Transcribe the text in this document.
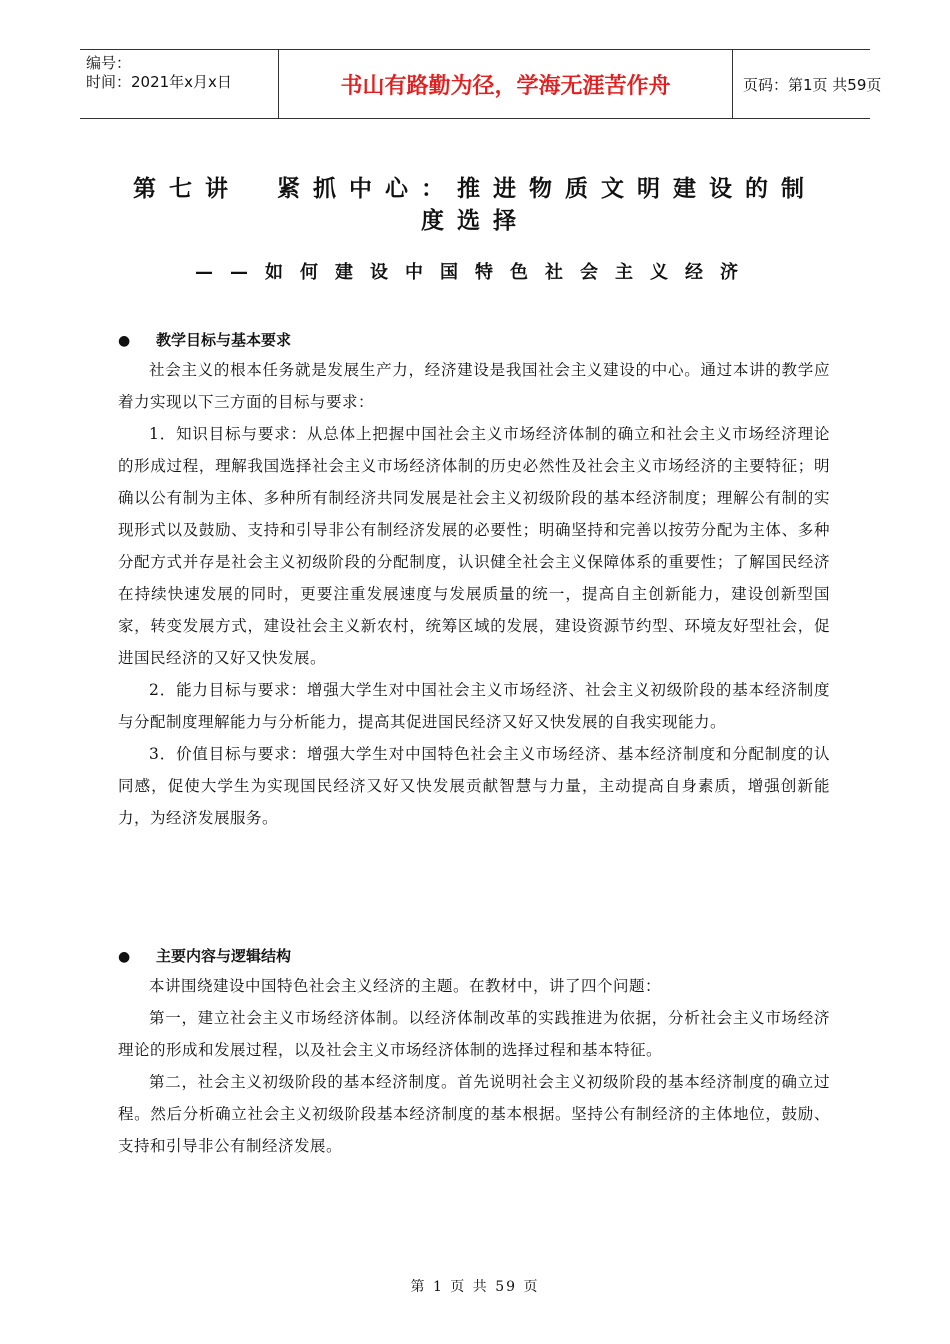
编号：
时间：2021年x月x日	书山有路勤为径，学海无涯苦作舟	页码：第1页 共59页
第七讲　紧抓中心：推进物质文明建设的制度选择
——如何建设中国特色社会主义经济
● 教学目标与基本要求

社会主义的根本任务就是发展生产力，经济建设是我国社会主义建设的中心。通过本讲的教学应着力实现以下三方面的目标与要求：

1．知识目标与要求：从总体上把握中国社会主义市场经济体制的确立和社会主义市场经济理论的形成过程，理解我国选择社会主义市场经济体制的历史必然性及社会主义市场经济的主要特征；明确以公有制为主体、多种所有制经济共同发展是社会主义初级阶段的基本经济制度；理解公有制的实现形式以及鼓励、支持和引导非公有制经济发展的必要性；明确坚持和完善以按劳分配为主体、多种分配方式并存是社会主义初级阶段的分配制度，认识健全社会主义保障体系的重要性；了解国民经济在持续快速发展的同时，更要注重发展速度与发展质量的统一，提高自主创新能力，建设创新型国家，转变发展方式，建设社会主义新农村，统筹区域的发展，建设资源节约型、环境友好型社会，促进国民经济的又好又快发展。

2．能力目标与要求：增强大学生对中国社会主义市场经济、社会主义初级阶段的基本经济制度与分配制度理解能力与分析能力，提高其促进国民经济又好又快发展的自我实现能力。

3．价值目标与要求：增强大学生对中国特色社会主义市场经济、基本经济制度和分配制度的认同感，促使大学生为实现国民经济又好又快发展贡献智慧与力量，主动提高自身素质，增强创新能力，为经济发展服务。

● 主要内容与逻辑结构

本讲围绕建设中国特色社会主义经济的主题。在教材中，讲了四个问题：

第一，建立社会主义市场经济体制。以经济体制改革的实践推进为依据，分析社会主义市场经济理论的形成和发展过程，以及社会主义市场经济体制的选择过程和基本特征。

第二，社会主义初级阶段的基本经济制度。首先说明社会主义初级阶段的基本经济制度的确立过程。然后分析确立社会主义初级阶段基本经济制度的基本根据。坚持公有制经济的主体地位，鼓励、支持和引导非公有制经济发展。

第 1 页 共 59 页
